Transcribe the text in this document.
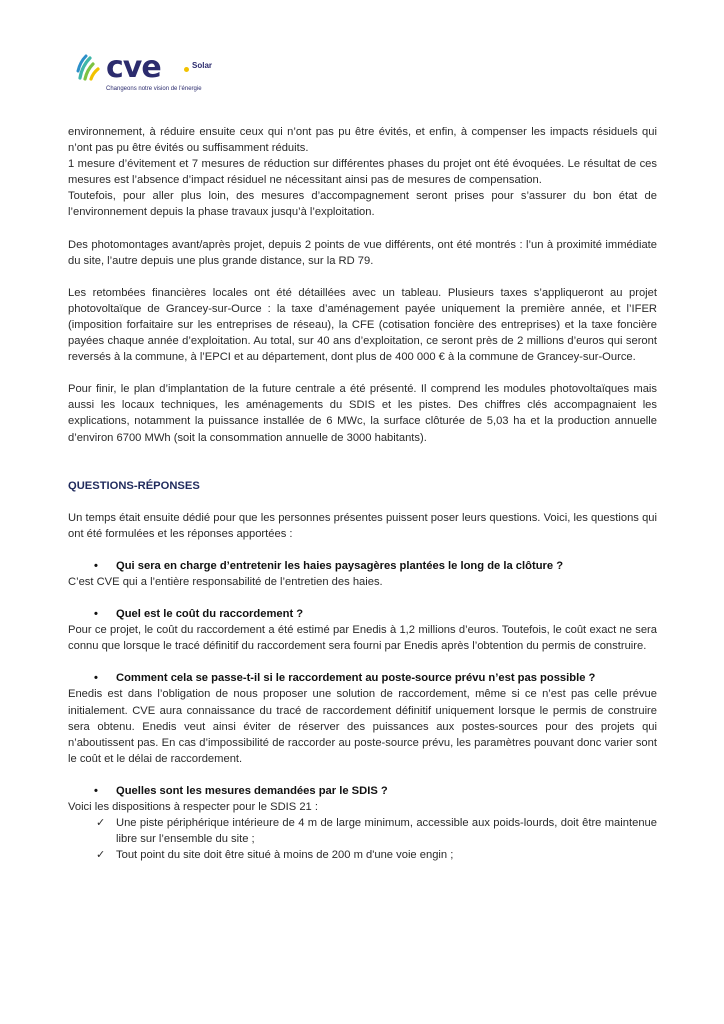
cve	Solar
Changeons notre vision de l'énergie

environnement, à réduire ensuite ceux qui n’ont pas pu être évités, et enfin, à compenser les impacts résiduels qui n’ont pas pu être évités ou suffisamment réduits.

1 mesure d’évitement et 7 mesures de réduction sur différentes phases du projet ont été évoquées. Le résultat de ces mesures est l’absence d’impact résiduel ne nécessitant ainsi pas de mesures de compensation.

Toutefois, pour aller plus loin, des mesures d’accompagnement seront prises pour s’assurer du bon état de l’environnement depuis la phase travaux jusqu’à l’exploitation.

Des photomontages avant/après projet, depuis 2 points de vue différents, ont été montrés : l’un à proximité immédiate du site, l’autre depuis une plus grande distance, sur la RD 79.

Les retombées financières locales ont été détaillées avec un tableau. Plusieurs taxes s’appliqueront au projet photovoltaïque de Grancey-sur-Ource : la taxe d’aménagement payée uniquement la première année, et l’IFER (imposition forfaitaire sur les entreprises de réseau), la CFE (cotisation foncière des entreprises) et la taxe foncière payées chaque année d’exploitation. Au total, sur 40 ans d’exploitation, ce seront près de 2 millions d’euros qui seront reversés à la commune, à l’EPCI et au département, dont plus de 400 000 € à la commune de Grancey-sur-Ource.

Pour finir, le plan d’implantation de la future centrale a été présenté. Il comprend les modules photovoltaïques mais aussi les locaux techniques, les aménagements du SDIS et les pistes. Des chiffres clés accompagnaient les explications, notamment la puissance installée de 6 MWc, la surface clôturée de 5,03 ha et la production annuelle d’environ 6700 MWh (soit la consommation annuelle de 3000 habitants).

QUESTIONS-RÉPONSES

Un temps était ensuite dédié pour que les personnes présentes puissent poser leurs questions. Voici, les questions qui ont été formulées et les réponses apportées :

• Qui sera en charge d’entretenir les haies paysagères plantées le long de la clôture ?

C’est CVE qui a l’entière responsabilité de l’entretien des haies.

• Quel est le coût du raccordement ?

Pour ce projet, le coût du raccordement a été estimé par Enedis à 1,2 millions d’euros. Toutefois, le coût exact ne sera connu que lorsque le tracé définitif du raccordement sera fourni par Enedis après l’obtention du permis de construire.

• Comment cela se passe-t-il si le raccordement au poste-source prévu n’est pas possible ?

Enedis est dans l’obligation de nous proposer une solution de raccordement, même si ce n’est pas celle prévue initialement. CVE aura connaissance du tracé de raccordement définitif uniquement lorsque le permis de construire sera obtenu. Enedis veut ainsi éviter de réserver des puissances aux postes-sources pour des projets qui n’aboutissent pas. En cas d’impossibilité de raccorder au poste-source prévu, les paramètres pouvant donc varier sont le coût et le délai de raccordement.

• Quelles sont les mesures demandées par le SDIS ?

Voici les dispositions à respecter pour le SDIS 21 :

✓ Une piste périphérique intérieure de 4 m de large minimum, accessible aux poids-lourds, doit être maintenue libre sur l’ensemble du site ;

✓ Tout point du site doit être situé à moins de 200 m d'une voie engin ;
